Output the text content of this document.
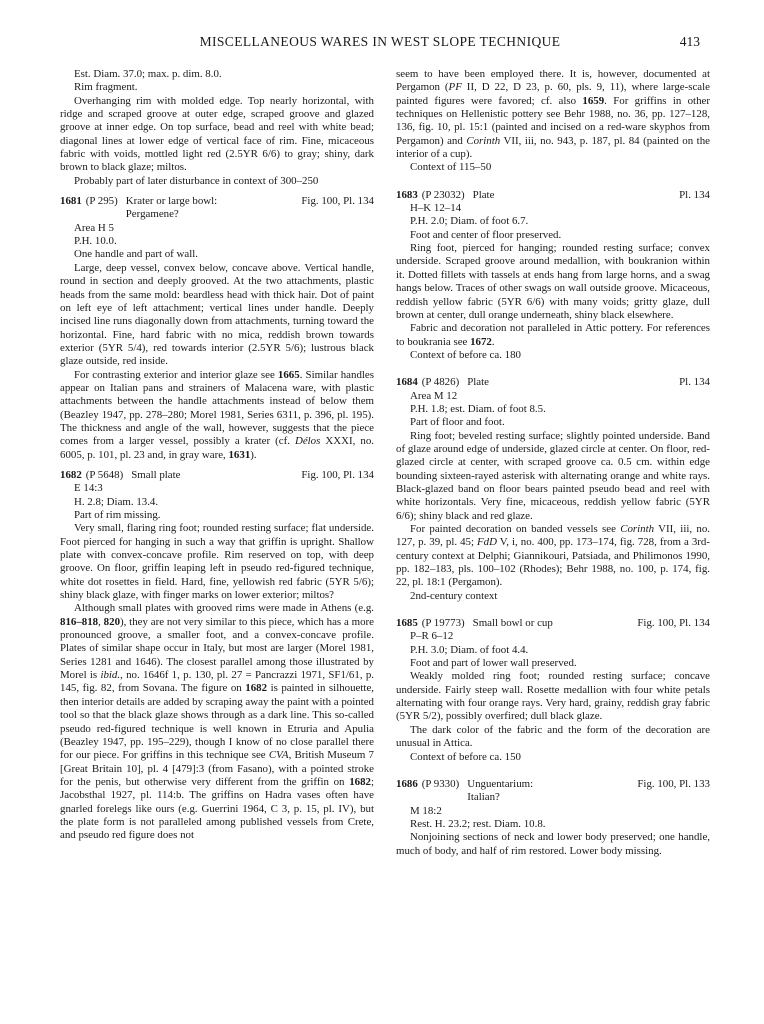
MISCELLANEOUS WARES IN WEST SLOPE TECHNIQUE	413

Est. Diam. 37.0; max. p. dim. 8.0.

Rim fragment.

Overhanging rim with molded edge. Top nearly horizontal, with ridge and scraped groove at outer edge, scraped groove and glazed groove at inner edge. On top surface, bead and reel with white bead; diagonal lines at lower edge of vertical face of rim. Fine, micaceous fabric with voids, mottled light red (2.5YR 6/6) to gray; shiny, dark brown to black glaze; miltos.

Probably part of later disturbance in context of 300–250

1681 (P 295) Krater or large bowl:
Pergamene?
Fig. 100, Pl. 134

Area H 5

P.H. 10.0.

One handle and part of wall.

Large, deep vessel, convex below, concave above. Vertical handle, round in section and deeply grooved. At the two attachments, plastic heads from the same mold: beardless head with thick hair. Dot of paint on left eye of left attachment; vertical lines under handle. Deeply incised line runs diagonally down from attachments, turning toward the horizontal. Fine, hard fabric with no mica, reddish brown towards exterior (5YR 5/4), red towards interior (2.5YR 5/6); lustrous black glaze outside, red inside.

For contrasting exterior and interior glaze see 1665. Similar handles appear on Italian pans and strainers of Malacena ware, with plastic attachments between the handle attachments instead of below them (Beazley 1947, pp. 278–280; Morel 1981, Series 6311, p. 396, pl. 195). The thickness and angle of the wall, however, suggests that the piece comes from a larger vessel, possibly a krater (cf. Délos XXXI, no. 6005, p. 101, pl. 23 and, in gray ware, 1631).

1682 (P 5648) Small plate	Fig. 100, Pl. 134

E 14:3

H. 2.8; Diam. 13.4.

Part of rim missing.

Very small, flaring ring foot; rounded resting surface; flat underside. Foot pierced for hanging in such a way that griffin is upright. Shallow plate with convex-concave profile. Rim reserved on top, with deep groove. On floor, griffin leaping left in pseudo red-figured technique, white dot rosettes in field. Hard, fine, yellowish red fabric (5YR 5/6); shiny black glaze, with finger marks on lower exterior; miltos?

Although small plates with grooved rims were made in Athens (e.g. 816–818, 820), they are not very similar to this piece, which has a more pronounced groove, a smaller foot, and a convex-concave profile. Plates of similar shape occur in Italy, but most are larger (Morel 1981, Series 1281 and 1646). The closest parallel among those illustrated by Morel is ibid., no. 1646f 1, p. 130, pl. 27 = Pancrazzi 1971, SF1/61, p. 145, fig. 82, from Sovana. The figure on 1682 is painted in silhouette, then interior details are added by scraping away the paint with a pointed tool so that the black glaze shows through as a dark line. This so-called pseudo red-figured technique is well known in Etruria and Apulia (Beazley 1947, pp. 195–229), though I know of no close parallel there for our piece. For griffins in this technique see CVA, British Museum 7 [Great Britain 10], pl. 4 [479]:3 (from Fasano), with a pointed stroke for the penis, but otherwise very different from the griffin on 1682; Jacobsthal 1927, pl. 114:b. The griffins on Hadra vases often have gnarled forelegs like ours (e.g. Guerrini 1964, C 3, p. 15, pl. IV), but the plate form is not paralleled among published vessels from Crete, and pseudo red figure does not

seem to have been employed there. It is, however, documented at Pergamon (PF II, D 22, D 23, p. 60, pls. 9, 11), where large-scale painted figures were favored; cf. also 1659. For griffins in other techniques on Hellenistic pottery see Behr 1988, no. 36, pp. 127–128, 136, fig. 10, pl. 15:1 (painted and incised on a red-ware skyphos from Pergamon) and Corinth VII, iii, no. 943, p. 187, pl. 84 (painted on the interior of a cup).

Context of 115–50

1683 (P 23032) Plate	Pl. 134

H–K 12–14

P.H. 2.0; Diam. of foot 6.7.

Foot and center of floor preserved.

Ring foot, pierced for hanging; rounded resting surface; convex underside. Scraped groove around medallion, with boukranion within it. Dotted fillets with tassels at ends hang from large horns, and a swag hangs below. Traces of other swags on wall outside groove. Micaceous, reddish yellow fabric (5YR 6/6) with many voids; gritty glaze, dull brown at center, dull orange underneath, shiny black elsewhere.

Fabric and decoration not paralleled in Attic pottery. For references to boukrania see 1672.

Context of before ca. 180

1684 (P 4826) Plate	Pl. 134

Area M 12

P.H. 1.8; est. Diam. of foot 8.5.

Part of floor and foot.

Ring foot; beveled resting surface; slightly pointed underside. Band of glaze around edge of underside, glazed circle at center. On floor, red-glazed circle at center, with scraped groove ca. 0.5 cm. within edge bounding sixteen-rayed asterisk with alternating orange and white rays. Black-glazed band on floor bears painted pseudo bead and reel with white horizontals. Very fine, micaceous, reddish yellow fabric (5YR 6/6); shiny black and red glaze.

For painted decoration on banded vessels see Corinth VII, iii, no. 127, p. 39, pl. 45; FdD V, i, no. 400, pp. 173–174, fig. 728, from a 3rd-century context at Delphi; Giannikouri, Patsiada, and Philimonos 1990, pp. 182–183, pls. 100–102 (Rhodes); Behr 1988, no. 100, p. 174, fig. 22, pl. 18:1 (Pergamon).

2nd-century context

1685 (P 19773) Small bowl or cup	Fig. 100, Pl. 134

P–R 6–12

P.H. 3.0; Diam. of foot 4.4.

Foot and part of lower wall preserved.

Weakly molded ring foot; rounded resting surface; concave underside. Fairly steep wall. Rosette medallion with four white petals alternating with four orange rays. Very hard, grainy, reddish gray fabric (5YR 5/2), possibly overfired; dull black glaze.

The dark color of the fabric and the form of the decoration are unusual in Attica.

Context of before ca. 150

1686 (P 9330) Unguentarium:
Italian?
Fig. 100, Pl. 133

M 18:2

Rest. H. 23.2; rest. Diam. 10.8.

Nonjoining sections of neck and lower body preserved; one handle, much of body, and half of rim restored. Lower body missing.
